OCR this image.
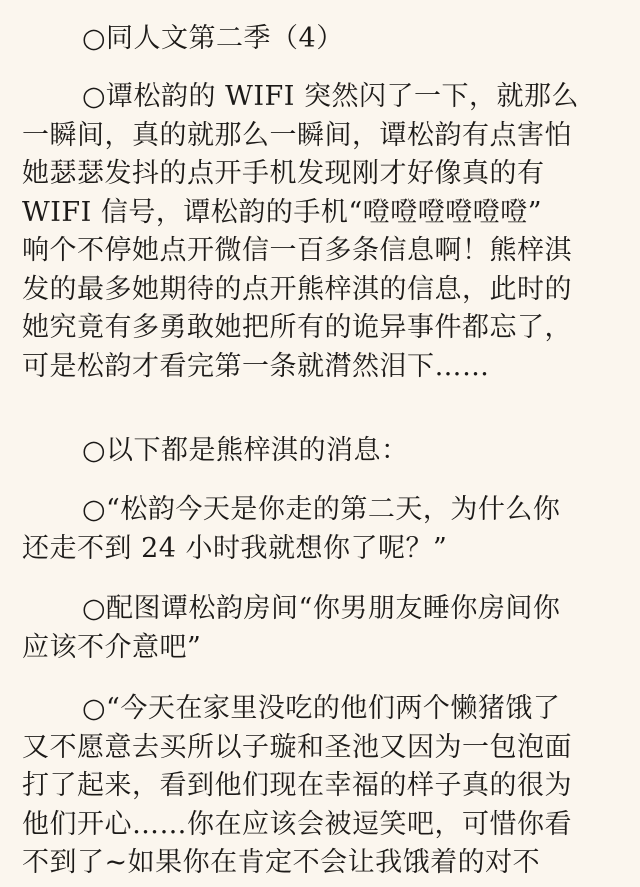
○同人文第二季（4）

○谭松韵的 WIFI 突然闪了一下，就那么
一瞬间，真的就那么一瞬间，谭松韵有点害怕
她瑟瑟发抖的点开手机发现刚才好像真的有
WIFI 信号，谭松韵的手机“噔噔噔噔噔噔”
响个不停她点开微信一百多条信息啊！熊梓淇
发的最多她期待的点开熊梓淇的信息，此时的
她究竟有多勇敢她把所有的诡异事件都忘了，
可是松韵才看完第一条就潸然泪下……

○以下都是熊梓淇的消息：

○“松韵今天是你走的第二天，为什么你
还走不到 24 小时我就想你了呢？”

○配图谭松韵房间“你男朋友睡你房间你
应该不介意吧”

○“今天在家里没吃的他们两个懒猪饿了
又不愿意去买所以子璇和圣池又因为一包泡面
打了起来，看到他们现在幸福的样子真的很为
他们开心……你在应该会被逗笑吧，可惜你看
不到了~如果你在肯定不会让我饿着的对不
